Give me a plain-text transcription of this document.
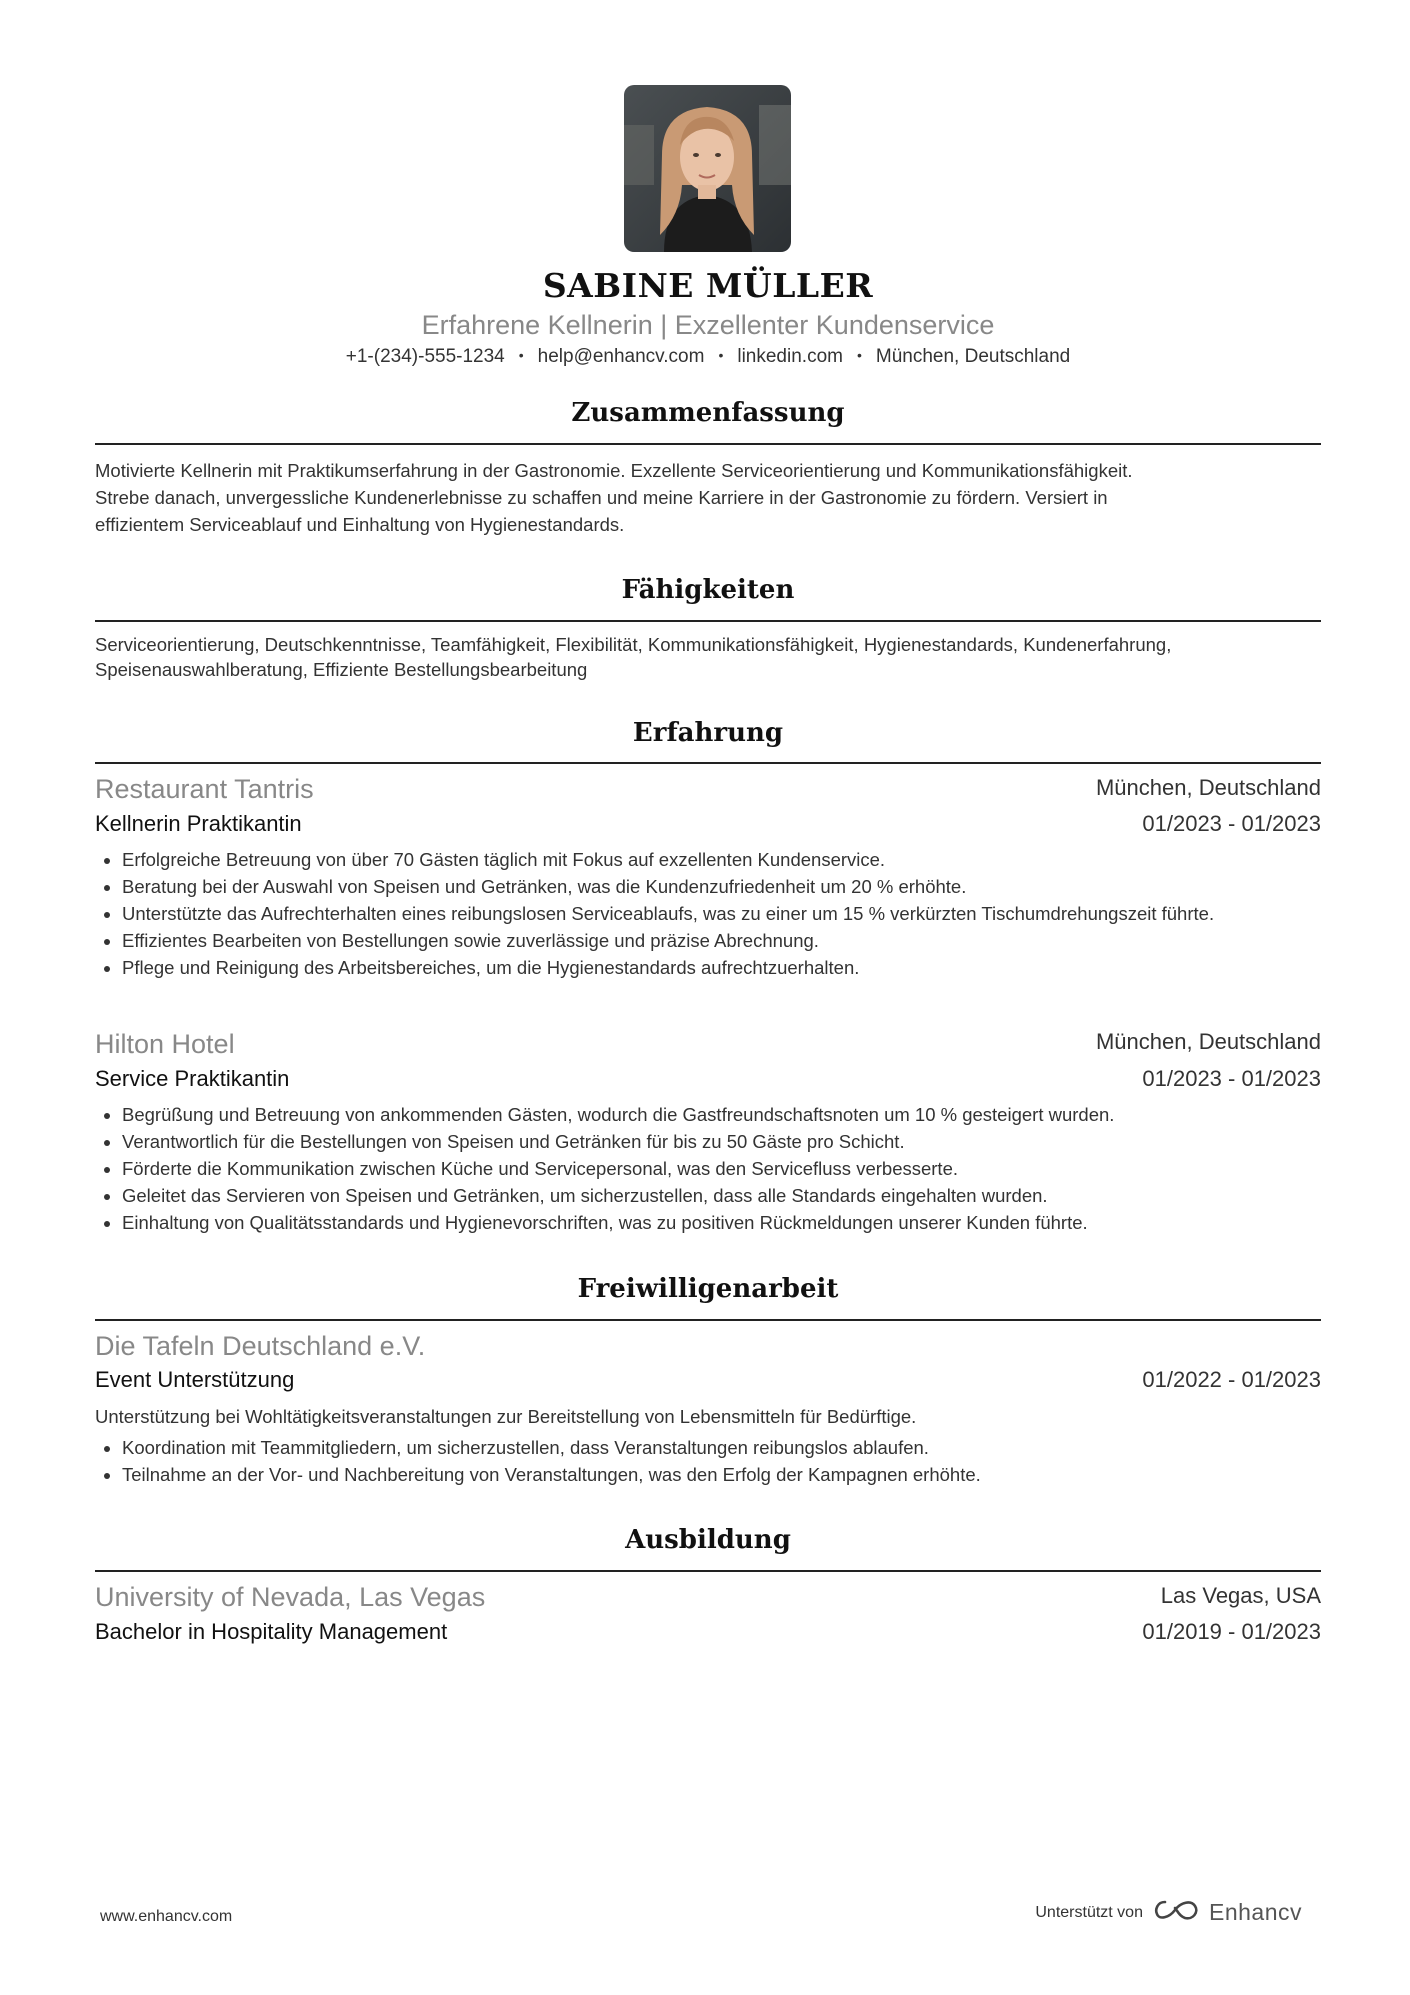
SABINE MÜLLER
Erfahrene Kellnerin | Exzellenter Kundenservice
+1-(234)-555-1234 • help@enhancv.com • linkedin.com • München, Deutschland
Zusammenfassung
Motivierte Kellnerin mit Praktikumserfahrung in der Gastronomie. Exzellente Serviceorientierung und Kommunikationsfähigkeit.
Strebe danach, unvergessliche Kundenerlebnisse zu schaffen und meine Karriere in der Gastronomie zu fördern. Versiert in
effizientem Serviceablauf und Einhaltung von Hygienestandards.
Fähigkeiten
Serviceorientierung, Deutschkenntnisse, Teamfähigkeit, Flexibilität, Kommunikationsfähigkeit, Hygienestandards, Kundenerfahrung,
Speisenauswahlberatung, Effiziente Bestellungsbearbeitung
Erfahrung
Restaurant Tantris	München, Deutschland
Kellnerin Praktikantin	01/2023 - 01/2023
• Erfolgreiche Betreuung von über 70 Gästen täglich mit Fokus auf exzellenten Kundenservice.
• Beratung bei der Auswahl von Speisen und Getränken, was die Kundenzufriedenheit um 20 % erhöhte.
• Unterstützte das Aufrechterhalten eines reibungslosen Serviceablaufs, was zu einer um 15 % verkürzten Tischumdrehungszeit führte.
• Effizientes Bearbeiten von Bestellungen sowie zuverlässige und präzise Abrechnung.
• Pflege und Reinigung des Arbeitsbereiches, um die Hygienestandards aufrechtzuerhalten.
Hilton Hotel	München, Deutschland
Service Praktikantin	01/2023 - 01/2023
• Begrüßung und Betreuung von ankommenden Gästen, wodurch die Gastfreundschaftsnoten um 10 % gesteigert wurden.
• Verantwortlich für die Bestellungen von Speisen und Getränken für bis zu 50 Gäste pro Schicht.
• Förderte die Kommunikation zwischen Küche und Servicepersonal, was den Servicefluss verbesserte.
• Geleitet das Servieren von Speisen und Getränken, um sicherzustellen, dass alle Standards eingehalten wurden.
• Einhaltung von Qualitätsstandards und Hygienevorschriften, was zu positiven Rückmeldungen unserer Kunden führte.
Freiwilligenarbeit
Die Tafeln Deutschland e.V.
Event Unterstützung	01/2022 - 01/2023
Unterstützung bei Wohltätigkeitsveranstaltungen zur Bereitstellung von Lebensmitteln für Bedürftige.
• Koordination mit Teammitgliedern, um sicherzustellen, dass Veranstaltungen reibungslos ablaufen.
• Teilnahme an der Vor- und Nachbereitung von Veranstaltungen, was den Erfolg der Kampagnen erhöhte.
Ausbildung
University of Nevada, Las Vegas	Las Vegas, USA
Bachelor in Hospitality Management	01/2019 - 01/2023
www.enhancv.com	Unterstützt von	Enhancv
